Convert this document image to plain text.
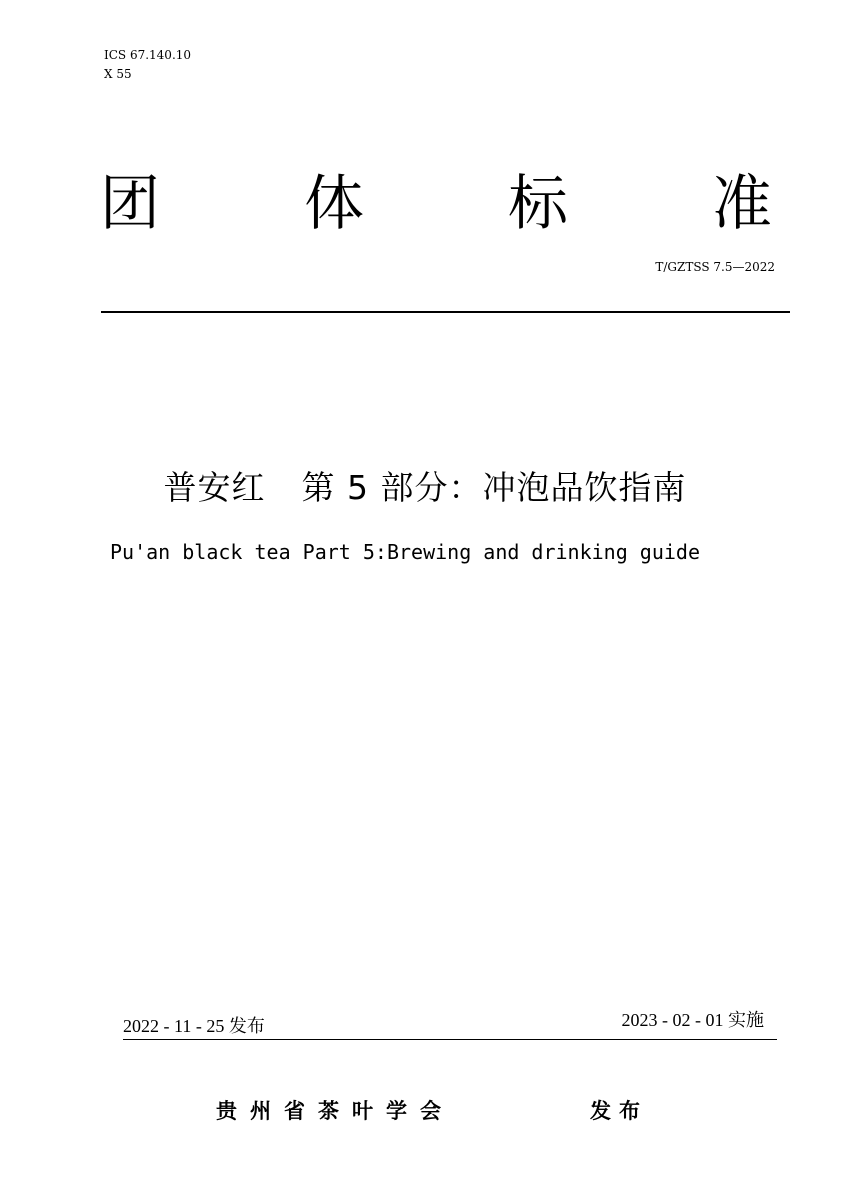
ICS 67.140.10
X 55
团 体 标 准
T/GZTSS 7.5—2022
普安红 第 5 部分：冲泡品饮指南
Pu'an black tea Part 5:Brewing and drinking guide
2022 - 11 - 25 发布	2023 - 02 - 01 实施
贵州省茶叶学会	发布
